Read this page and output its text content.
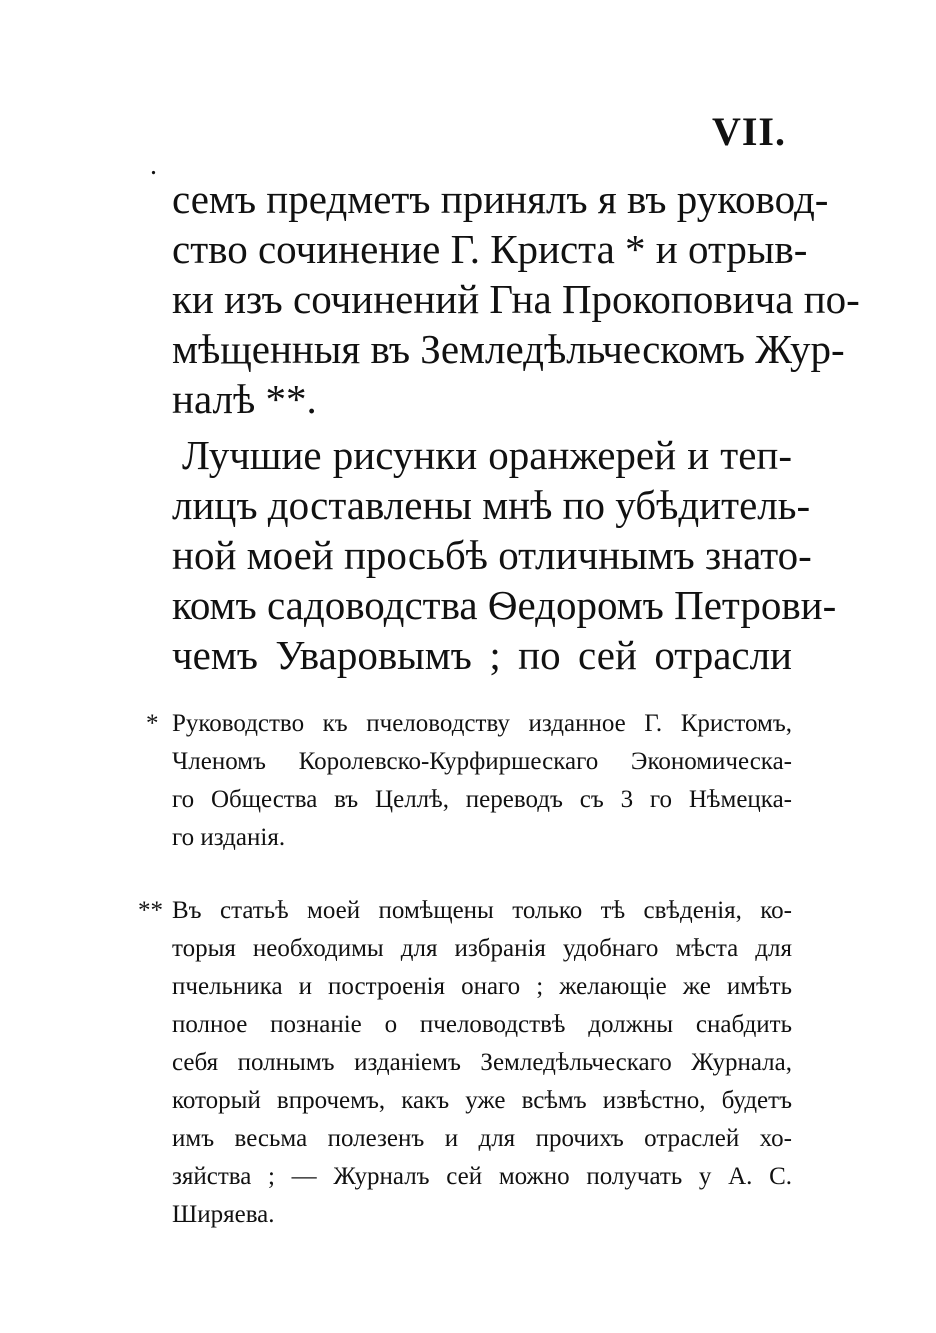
VII.
.
семъ предметъ принялъ я въ руковод-
ство сочинение Г. Криста * и отрыв-
ки изъ сочинений Гна Прокоповича по-
мѣщенныя въ Земледѣльческомъ Жур-
налѣ **.
Лучшие рисунки оранжерей и теп-
лицъ доставлены мнѣ по убѣдитель-
ной моей просьбѣ отличнымъ знато-
комъ садоводства Ѳедоромъ Петрови-
чемъ Уваровымъ ; по сей отрасли
* Руководство къ пчеловодству изданное Г. Кристомъ,
Членомъ Королевско-Курфиршескаго Экономическа-
го Общества въ Целлѣ, переводъ съ 3 го Нѣмецка-
го изданія.
** Въ статьѣ моей помѣщены только тѣ свѣденія, ко-
торыя необходимы для избранія удобнаго мѣста для
пчельника и построенія онаго ; желающіе же имѣть
полное познаніе о пчеловодствѣ должны снабдить
себя полнымъ изданіемъ Земледѣльческаго Журнала,
который впрочемъ, какъ уже всѣмъ извѣстно, будетъ
имъ весьма полезенъ и для прочихъ отраслей хо-
зяйства ; — Журналъ сей можно получать у А. С.
Ширяева.
